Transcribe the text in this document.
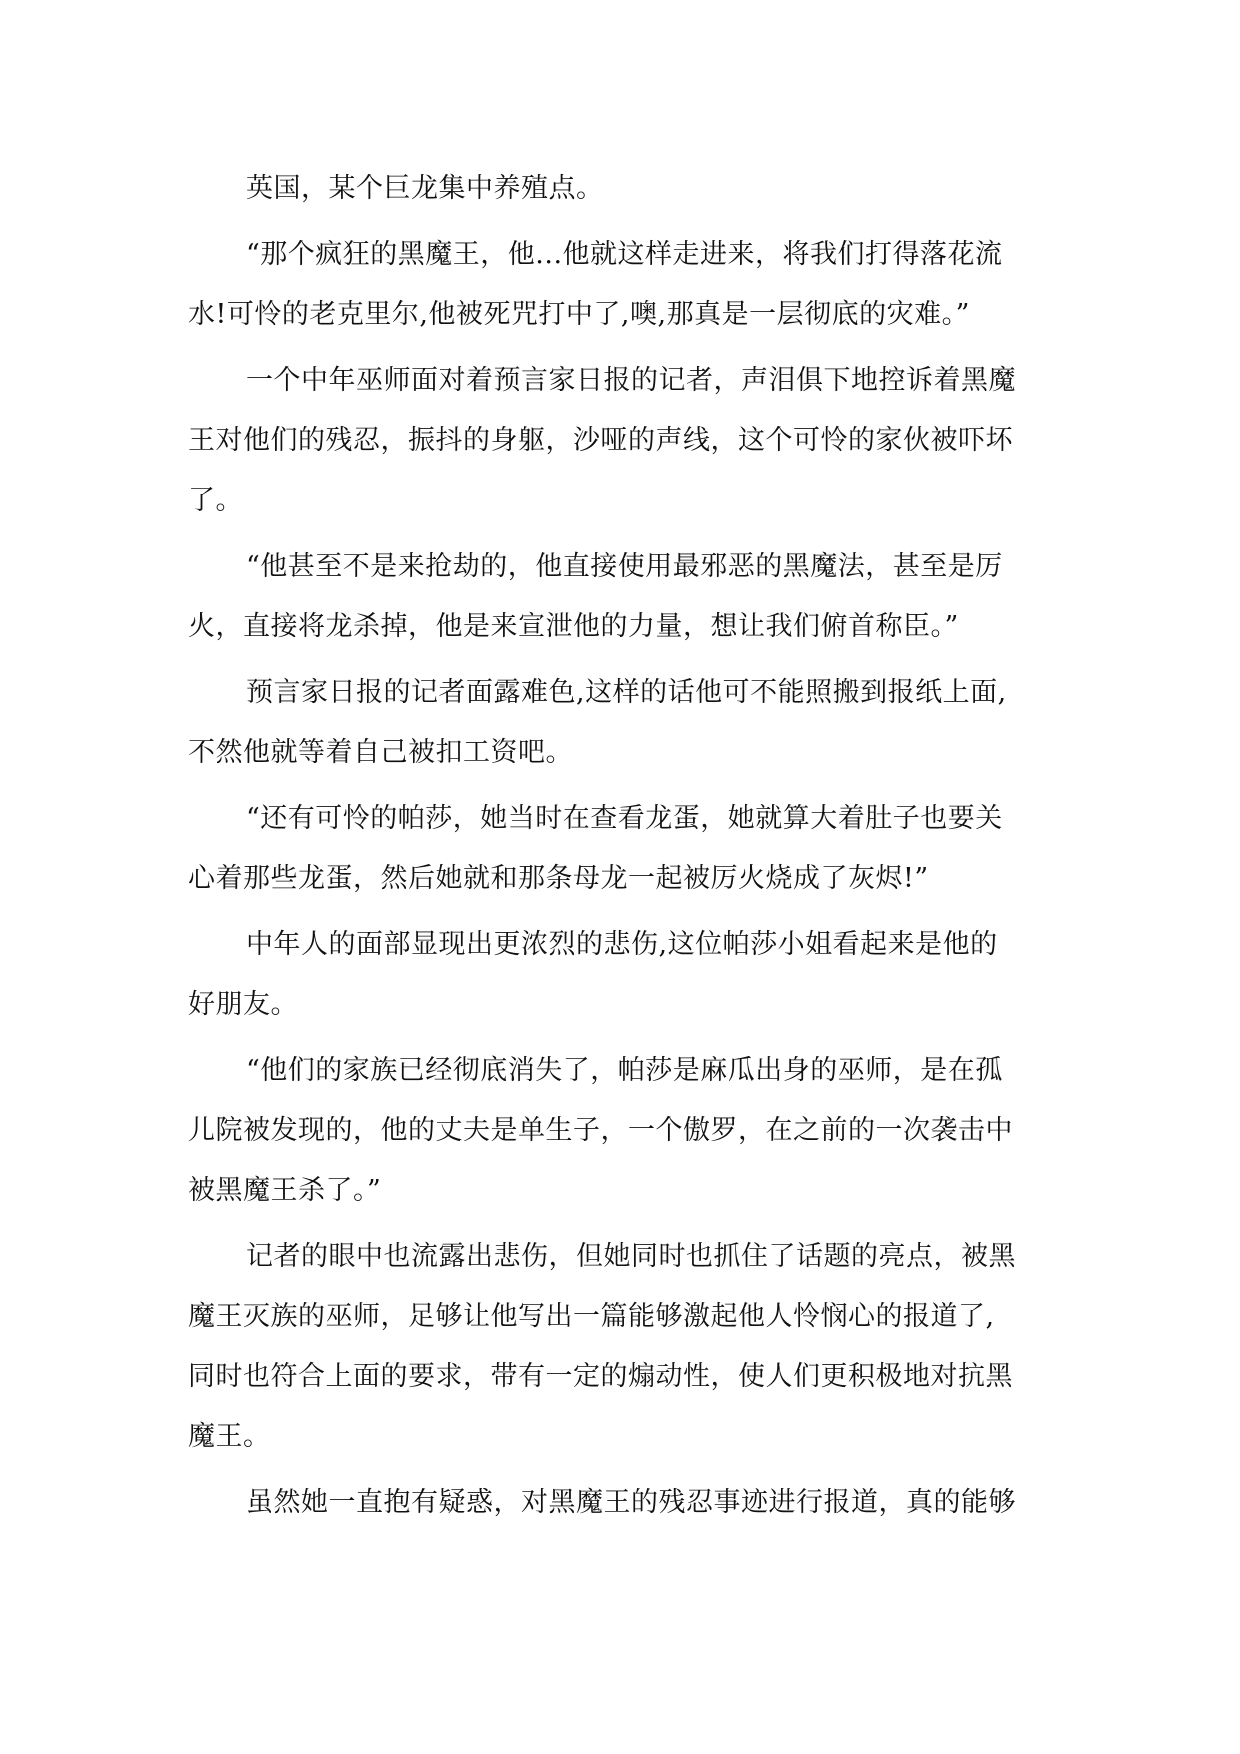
英国，某个巨龙集中养殖点。
“那个疯狂的黑魔王，他...他就这样走进来，将我们打得落花流
水!可怜的老克里尔,他被死咒打中了,噢,那真是一层彻底的灾难。”
一个中年巫师面对着预言家日报的记者，声泪俱下地控诉着黑魔
王对他们的残忍，振抖的身躯，沙哑的声线，这个可怜的家伙被吓坏
了。
“他甚至不是来抢劫的，他直接使用最邪恶的黑魔法，甚至是厉
火，直接将龙杀掉，他是来宣泄他的力量，想让我们俯首称臣。”
预言家日报的记者面露难色,这样的话他可不能照搬到报纸上面,
不然他就等着自己被扣工资吧。
“还有可怜的帕莎，她当时在查看龙蛋，她就算大着肚子也要关
心着那些龙蛋，然后她就和那条母龙一起被厉火烧成了灰烬!”
中年人的面部显现出更浓烈的悲伤,这位帕莎小姐看起来是他的
好朋友。
“他们的家族已经彻底消失了，帕莎是麻瓜出身的巫师，是在孤
儿院被发现的，他的丈夫是单生子，一个傲罗，在之前的一次袭击中
被黑魔王杀了。”
记者的眼中也流露出悲伤，但她同时也抓住了话题的亮点，被黑
魔王灭族的巫师，足够让他写出一篇能够激起他人怜悯心的报道了,
同时也符合上面的要求，带有一定的煽动性，使人们更积极地对抗黑
魔王。
虽然她一直抱有疑惑，对黑魔王的残忍事迹进行报道，真的能够
